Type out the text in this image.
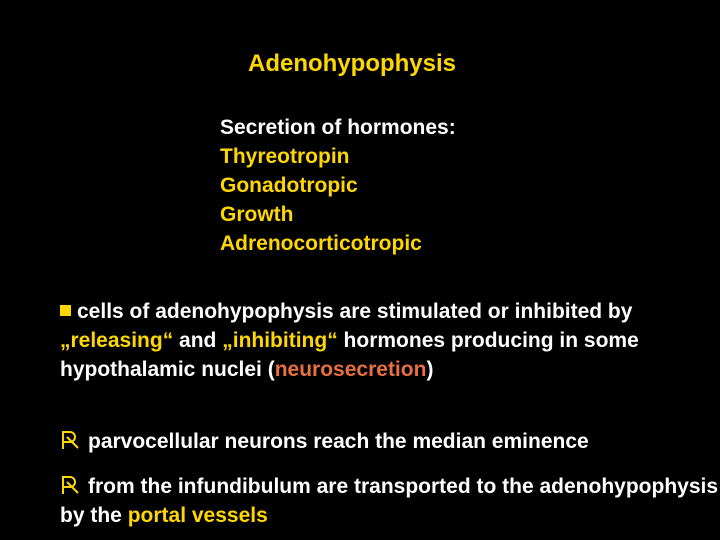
Adenohypophysis
Secretion of hormones:
Thyreotropin
Gonadotropic
Growth
Adrenocorticotropic
cells of adenohypophysis are stimulated or inhibited by „releasing“ and „inhibiting“ hormones producing in some hypothalamic nuclei (neurosecretion)
parvocellular neurons reach the median eminence
from the infundibulum are transported to the adenohypophysis by the portal vessels
